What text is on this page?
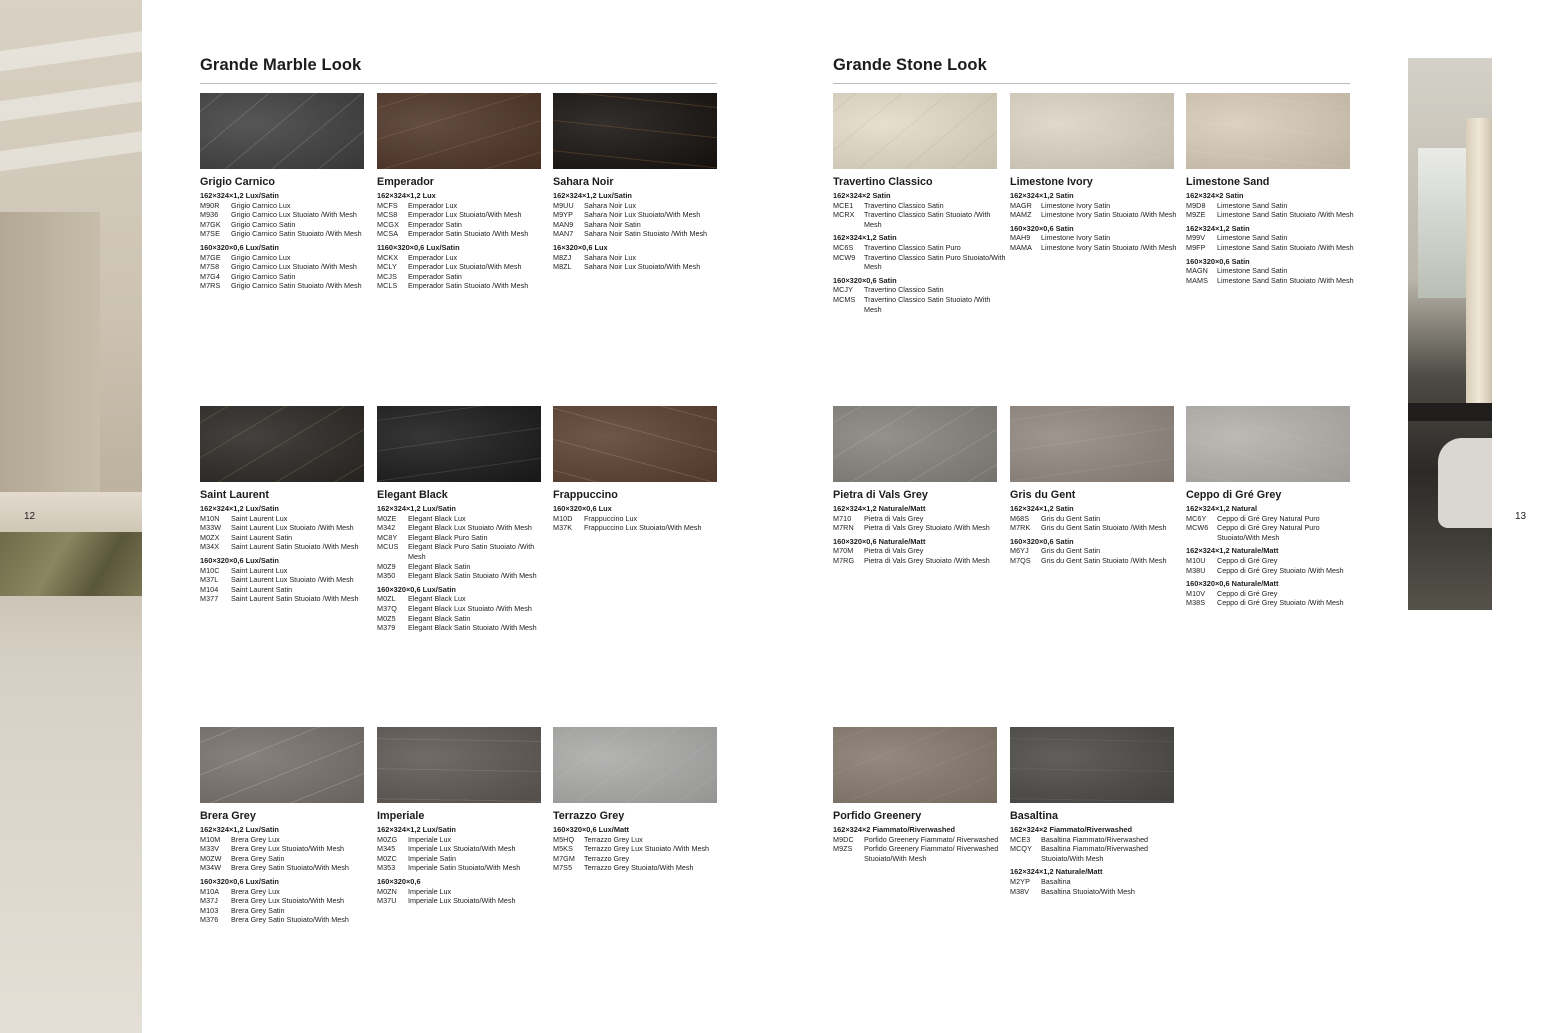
12	13
Grande Marble Look	Grande Stone Look
Grigio Carnico
162×324×1,2 Lux/Satin
M90R	Grigio Carnico Lux
M936	Grigio Carnico Lux Stuoiato /With Mesh
M7GK	Grigio Carnico Satin
M7SE	Grigio Carnico Satin Stuoiato /With Mesh
160×320×0,6 Lux/Satin
M7GE	Grigio Carnico Lux
M7S8	Grigio Carnico Lux Stuoiato /With Mesh
M7G4	Grigio Carnico Satin
M7RS	Grigio Carnico Satin Stuoiato /With Mesh
Emperador
162×324×1,2 Lux
MCFS	Emperador Lux
MCS8	Emperador Lux Stuoiato/With Mesh
MCGX	Emperador Satin
MCSA	Emperador Satin Stuoiato /With Mesh
1160×320×0,6 Lux/Satin
MCKX	Emperador Lux
MCLY	Emperador Lux Stuoiato/With Mesh
MCJS	Emperador Satin
MCLS	Emperador Satin Stuoiato /With Mesh
Sahara Noir
162×324×1,2 Lux/Satin
M9UU	Sahara Noir Lux
M9YP	Sahara Noir Lux Stuoiato/With Mesh
MAN9	Sahara Noir Satin
MAN7	Sahara Noir Satin Stuoiato /With Mesh
16×320×0,6 Lux
M8ZJ	Sahara Noir Lux
M8ZL	Sahara Noir Lux Stuoiato/With Mesh
Saint Laurent
162×324×1,2 Lux/Satin
M10N	Saint Laurent Lux
M33W	Saint Laurent Lux Stuoiato /With Mesh
M0ZX	Saint Laurent Satin
M34X	Saint Laurent Satin Stuoiato /With Mesh
160×320×0,6 Lux/Satin
M10C	Saint Laurent Lux
M37L	Saint Laurent Lux Stuoiato /With Mesh
M104	Saint Laurent Satin
M377	Saint Laurent Satin Stuoiato /With Mesh
Elegant Black
162×324×1,2 Lux/Satin
M0ZE	Elegant Black Lux
M342	Elegant Black Lux Stuoiato /With Mesh
MC8Y	Elegant Black Puro Satin
MCUS	Elegant Black Puro Satin Stuoiato /With Mesh
M0Z9	Elegant Black Satin
M350	Elegant Black Satin Stuoiato /With Mesh
160×320×0,6 Lux/Satin
M0ZL	Elegant Black Lux
M37Q	Elegant Black Lux Stuoiato /With Mesh
M0Z5	Elegant Black Satin
M379	Elegant Black Satin Stuoiato /With Mesh
Frappuccino
160×320×0,6 Lux
M10D	Frappuccino Lux
M37K	Frappuccino Lux Stuoiato/With Mesh
Brera Grey
162×324×1,2 Lux/Satin
M10M	Brera Grey Lux
M33V	Brera Grey Lux Stuoiato/With Mesh
M0ZW	Brera Grey Satin
M34W	Brera Grey Satin Stuoiato/With Mesh
160×320×0,6 Lux/Satin
M10A	Brera Grey Lux
M37J	Brera Grey Lux Stuoiato/With Mesh
M103	Brera Grey Satin
M376	Brera Grey Satin Stuoiato/With Mesh
Imperiale
162×324×1,2 Lux/Satin
M0ZG	Imperiale Lux
M345	Imperiale Lux Stuoiato/With Mesh
M0ZC	Imperiale Satin
M353	Imperiale Satin Stuoiato/With Mesh
160×320×0,6
M0ZN	Imperiale Lux
M37U	Imperiale Lux Stuoiato/With Mesh
Terrazzo Grey
160×320×0,6 Lux/Matt
M5HQ	Terrazzo Grey Lux
M5KS	Terrazzo Grey Lux Stuoiato /With Mesh
M7GM	Terrazzo Grey
M7S5	Terrazzo Grey Stuoiato/With Mesh
Travertino Classico
162×324×2 Satin
MCE1	Travertino Classico Satin
MCRX	Travertino Classico Satin Stuoiato /With Mesh
162×324×1,2 Satin
MC6S	Travertino Classico Satin Puro
MCW9	Travertino Classico Satin Puro Stuoiato/With Mesh
160×320×0,6 Satin
MCJY	Travertino Classico Satin
MCMS	Travertino Classico Satin Stuoiato /With Mesh
Limestone Ivory
162×324×1,2 Satin
MAGR	Limestone Ivory Satin
MAMZ	Limestone Ivory Satin Stuoiato /With Mesh
160×320×0,6 Satin
MAH9	Limestone Ivory Satin
MAMA	Limestone Ivory Satin Stuoiato /With Mesh
Limestone Sand
162×324×2 Satin
M9D8	Limestone Sand Satin
M9ZE	Limestone Sand Satin Stuoiato /With Mesh
162×324×1,2 Satin
M99V	Limestone Sand Satin
M9FP	Limestone Sand Satin Stuoiato /With Mesh
160×320×0,6 Satin
MAGN	Limestone Sand Satin
MAMS	Limestone Sand Satin Stuoiato /With Mesh
Pietra di Vals Grey
162×324×1,2 Naturale/Matt
M710	Pietra di Vals Grey
M7RN	Pietra di Vals Grey Stuoiato /With Mesh
160×320×0,6 Naturale/Matt
M70M	Pietra di Vals Grey
M7RG	Pietra di Vals Grey Stuoiato /With Mesh
Gris du Gent
162×324×1,2 Satin
M68S	Gris du Gent Satin
M7RK	Gris du Gent Satin Stuoiato /With Mesh
160×320×0,6 Satin
M6YJ	Gris du Gent Satin
M7QS	Gris du Gent Satin Stuoiato /With Mesh
Ceppo di Gré Grey
162×324×1,2 Natural
MC6Y	Ceppo di Gré Grey Natural Puro
MCW6	Ceppo di Gré Grey Natural Puro Stuoiato/With Mesh
162×324×1,2 Naturale/Matt
M10U	Ceppo di Gré Grey
M38U	Ceppo di Gré Grey Stuoiato /With Mesh
160×320×0,6 Naturale/Matt
M10V	Ceppo di Gré Grey
M38S	Ceppo di Gré Grey Stuoiato /With Mesh
Porfido Greenery
162×324×2 Fiammato/Riverwashed
M9DC	Porfido Greenery Fiammato/ Riverwashed
M9ZS	Porfido Greenery Fiammato/ Riverwashed Stuoiato/With Mesh
Basaltina
162×324×2 Fiammato/Riverwashed
MCE3	Basaltina Fiammato/Riverwashed
MCQY	Basaltina Fiammato/Riverwashed Stuoiato/With Mesh
162×324×1,2 Naturale/Matt
M2YP	Basaltina
M38V	Basaltina Stuoiato/With Mesh
